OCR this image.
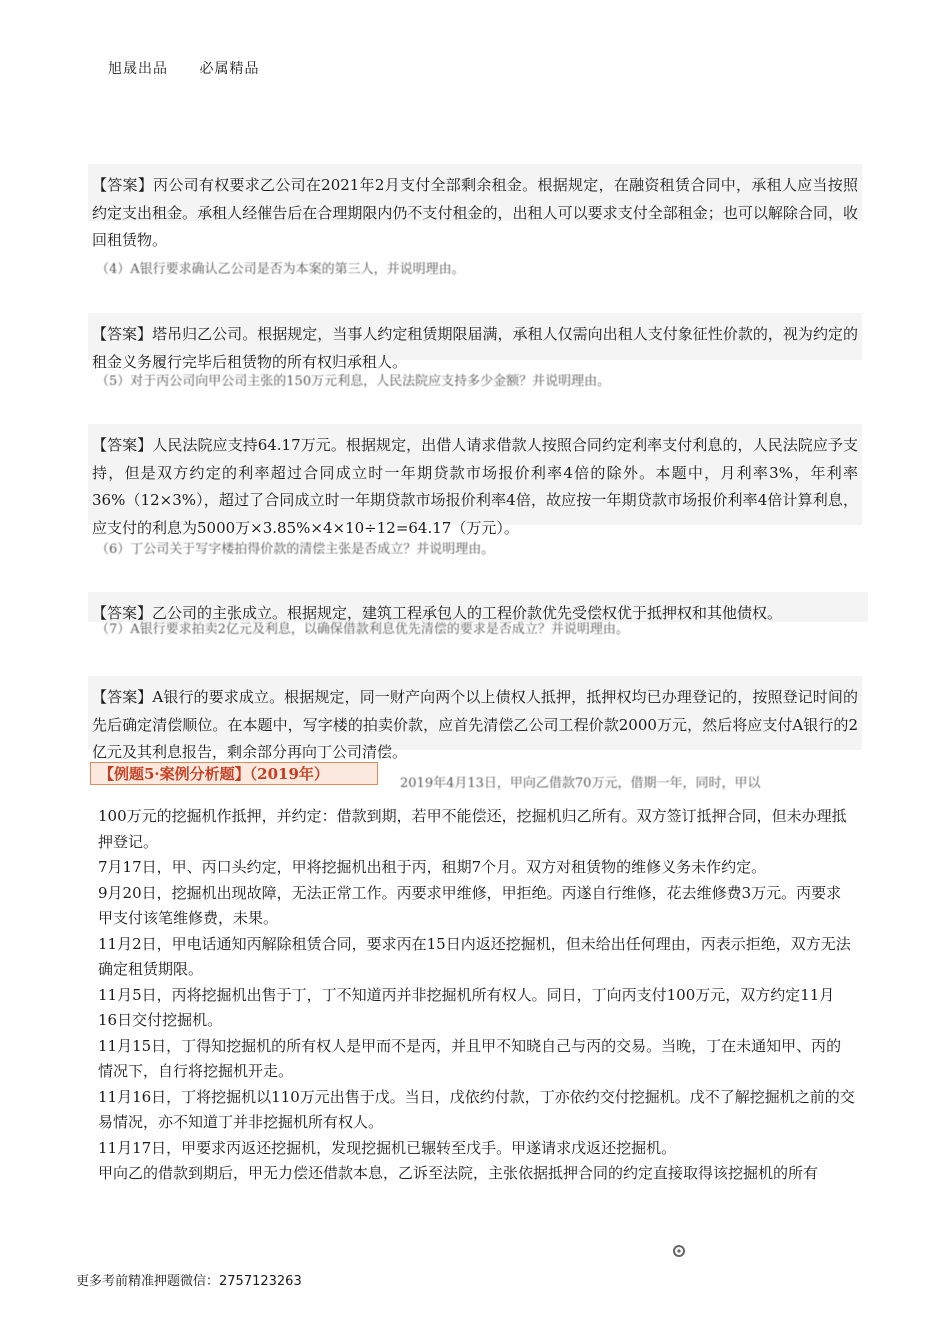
旭晟出品 必属精品
【答案】丙公司有权要求乙公司在2021年2月支付全部剩余租金。根据规定，在融资租赁合同中，承租人应当按照约定支出租金。承租人经催告后在合理期限内仍不支付租金的，出租人可以要求支付全部租金；也可以解除合同，收回租赁物。
（4）A银行要求确认乙公司是否为本案的第三人，并说明理由。
【答案】塔吊归乙公司。根据规定，当事人约定租赁期限届满，承租人仅需向出租人支付象征性价款的，视为约定的租金义务履行完毕后租赁物的所有权归承租人。
（5）对于丙公司向甲公司主张的150万元利息，人民法院应支持多少金额？并说明理由。
【答案】人民法院应支持64.17万元。根据规定，出借人请求借款人按照合同约定利率支付利息的，人民法院应予支持，但是双方约定的利率超过合同成立时一年期贷款市场报价利率4倍的除外。本题中，月利率3%，年利率36%（12×3%），超过了合同成立时一年期贷款市场报价利率4倍，故应按一年期贷款市场报价利率4倍计算利息，应支付的利息为5000万×3.85%×4×10÷12=64.17（万元）。
（6）丁公司关于写字楼拍得价款的清偿主张是否成立？并说明理由。
【答案】乙公司的主张成立。根据规定，建筑工程承包人的工程价款优先受偿权优于抵押权和其他债权。
（7）A银行要求拍卖2亿元及利息，以确保借款利息优先清偿的要求是否成立？并说明理由。
【答案】A银行的要求成立。根据规定，同一财产向两个以上债权人抵押，抵押权均已办理登记的，按照登记时间的先后确定清偿顺位。在本题中，写字楼的拍卖价款，应首先清偿乙公司工程价款2000万元，然后将应支付A银行的2亿元及其利息报告，剩余部分再向丁公司清偿。
【例题5·案例分析题】（2019年）
2019年4月13日，甲向乙借款70万元，借期一年，同时，甲以

100万元的挖掘机作抵押，并约定：借款到期，若甲不能偿还，挖掘机归乙所有。双方签订抵押合同，但未办理抵押登记。

7月17日，甲、丙口头约定，甲将挖掘机出租于丙，租期7个月。双方对租赁物的维修义务未作约定。

9月20日，挖掘机出现故障，无法正常工作。丙要求甲维修，甲拒绝。丙遂自行维修，花去维修费3万元。丙要求甲支付该笔维修费，未果。

11月2日，甲电话通知丙解除租赁合同，要求丙在15日内返还挖掘机，但未给出任何理由，丙表示拒绝，双方无法确定租赁期限。

11月5日，丙将挖掘机出售于丁，丁不知道丙并非挖掘机所有权人。同日，丁向丙支付100万元，双方约定11月

16日交付挖掘机。

11月15日，丁得知挖掘机的所有权人是甲而不是丙，并且甲不知晓自己与丙的交易。当晚，丁在未通知甲、丙的情况下，自行将挖掘机开走。

11月16日，丁将挖掘机以110万元出售于戊。当日，戊依约付款，丁亦依约交付挖掘机。戊不了解挖掘机之前的交易情况，亦不知道丁并非挖掘机所有权人。

11月17日，甲要求丙返还挖掘机，发现挖掘机已辗转至戊手。甲遂请求戊返还挖掘机。

甲向乙的借款到期后，甲无力偿还借款本息，乙诉至法院，主张依据抵押合同的约定直接取得该挖掘机的所有

更多考前精准押题微信：2757123263
